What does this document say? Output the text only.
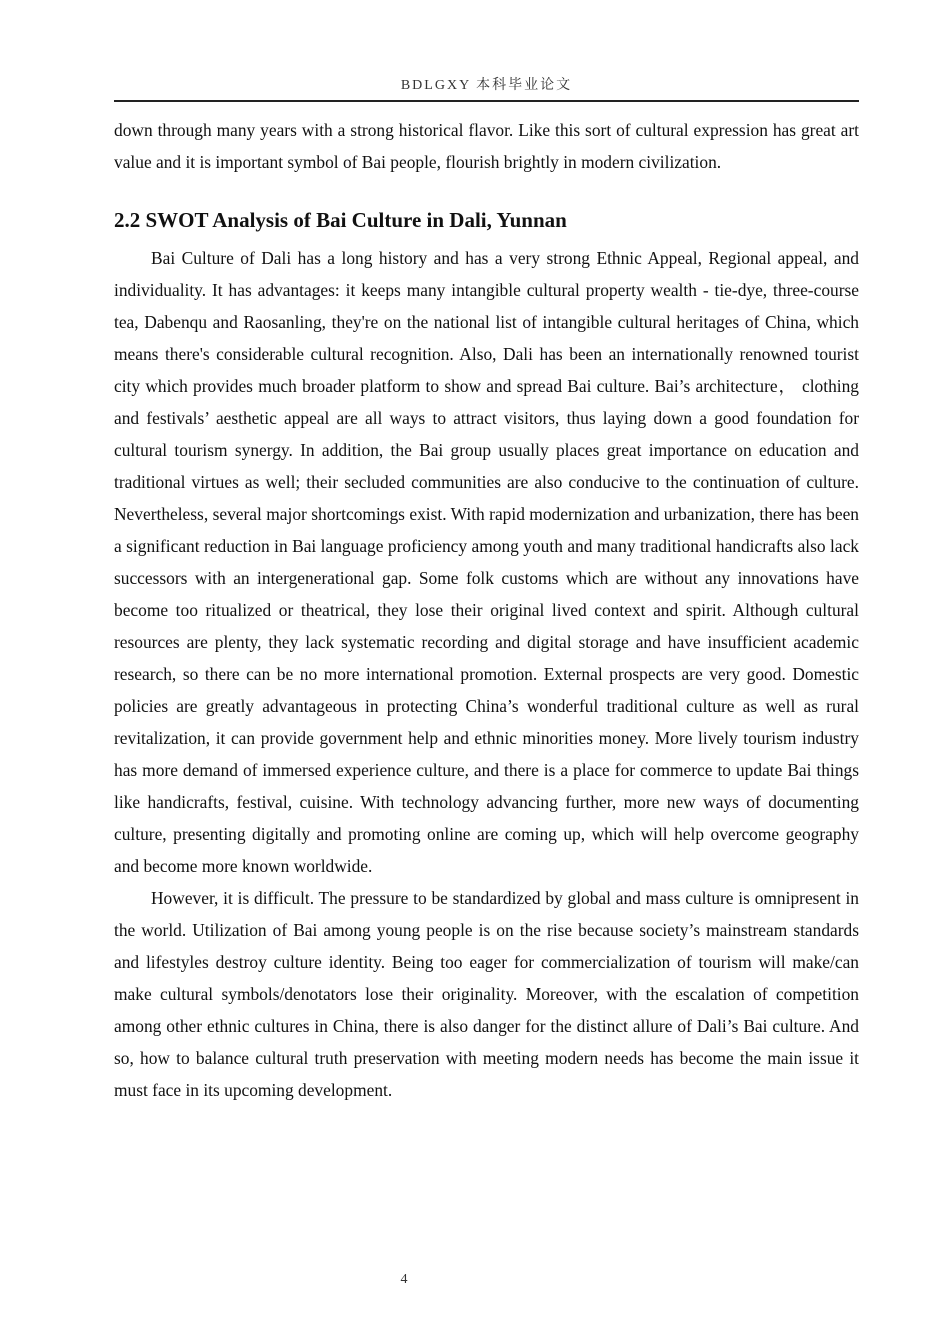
BDLGXY 本科毕业论文

down through many years with a strong historical flavor. Like this sort of cultural expression has great art value and it is important symbol of Bai people, flourish brightly in modern civilization.

2.2 SWOT Analysis of Bai Culture in Dali, Yunnan

Bai Culture of Dali has a long history and has a very strong Ethnic Appeal, Regional appeal, and individuality. It has advantages: it keeps many intangible cultural property wealth - tie-dye, three-course tea, Dabenqu and Raosanling, they're on the national list of intangible cultural heritages of China, which means there's considerable cultural recognition. Also, Dali has been an internationally renowned tourist city which provides much broader platform to show and spread Bai culture. Bai’s architecture， clothing and festivals’ aesthetic appeal are all ways to attract visitors, thus laying down a good foundation for cultural tourism synergy. In addition, the Bai group usually places great importance on education and traditional virtues as well; their secluded communities are also conducive to the continuation of culture. Nevertheless, several major shortcomings exist. With rapid modernization and urbanization, there has been a significant reduction in Bai language proficiency among youth and many traditional handicrafts also lack successors with an intergenerational gap. Some folk customs which are without any innovations have become too ritualized or theatrical, they lose their original lived context and spirit. Although cultural resources are plenty, they lack systematic recording and digital storage and have insufficient academic research, so there can be no more international promotion. External prospects are very good. Domestic policies are greatly advantageous in protecting China’s wonderful traditional culture as well as rural revitalization, it can provide government help and ethnic minorities money. More lively tourism industry has more demand of immersed experience culture, and there is a place for commerce to update Bai things like handicrafts, festival, cuisine. With technology advancing further, more new ways of documenting culture, presenting digitally and promoting online are coming up, which will help overcome geography and become more known worldwide.

However, it is difficult. The pressure to be standardized by global and mass culture is omnipresent in the world. Utilization of Bai among young people is on the rise because society’s mainstream standards and lifestyles destroy culture identity. Being too eager for commercialization of tourism will make/can make cultural symbols/denotators lose their originality. Moreover, with the escalation of competition among other ethnic cultures in China, there is also danger for the distinct allure of Dali’s Bai culture. And so, how to balance cultural truth preservation with meeting modern needs has become the main issue it must face in its upcoming development.

4
